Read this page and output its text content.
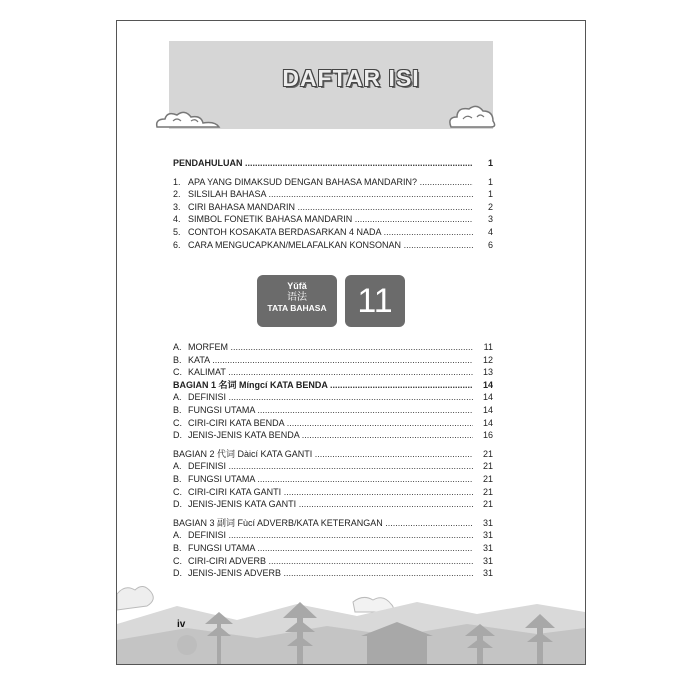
DAFTAR ISI
PENDAHULUAN .....	1
1. APA YANG DIMAKSUD DENGAN BAHASA MANDARIN? .....	1
2. SILSILAH BAHASA .....	1
3. CIRI BAHASA MANDARIN .....	2
4. SIMBOL FONETIK BAHASA MANDARIN .....	3
5. CONTOH KOSAKATA BERDASARKAN 4 NADA .....	4
6. CARA MENGUCAPKAN/MELAFALKAN KONSONAN .....	6
Yǔfǎ
语法
TATA BAHASA 11
A. MORFEM .....	11
B. KATA .....	12
C. KALIMAT .....	13
BAGIAN 1 名词 Míngcí KATA BENDA .....	14
A. DEFINISI .....	14
B. FUNGSI UTAMA .....	14
C. CIRI-CIRI KATA BENDA .....	14
D. JENIS-JENIS KATA BENDA .....	16
BAGIAN 2 代词 Dàicí KATA GANTI .....	21
A. DEFINISI .....	21
B. FUNGSI UTAMA .....	21
C. CIRI-CIRI KATA GANTI .....	21
D. JENIS-JENIS KATA GANTI .....	21
BAGIAN 3 副词 Fùcí ADVERB/KATA KETERANGAN .....	31
A. DEFINISI .....	31
B. FUNGSI UTAMA .....	31
C. CIRI-CIRI ADVERB .....	31
D. JENIS-JENIS ADVERB .....	31
iv
